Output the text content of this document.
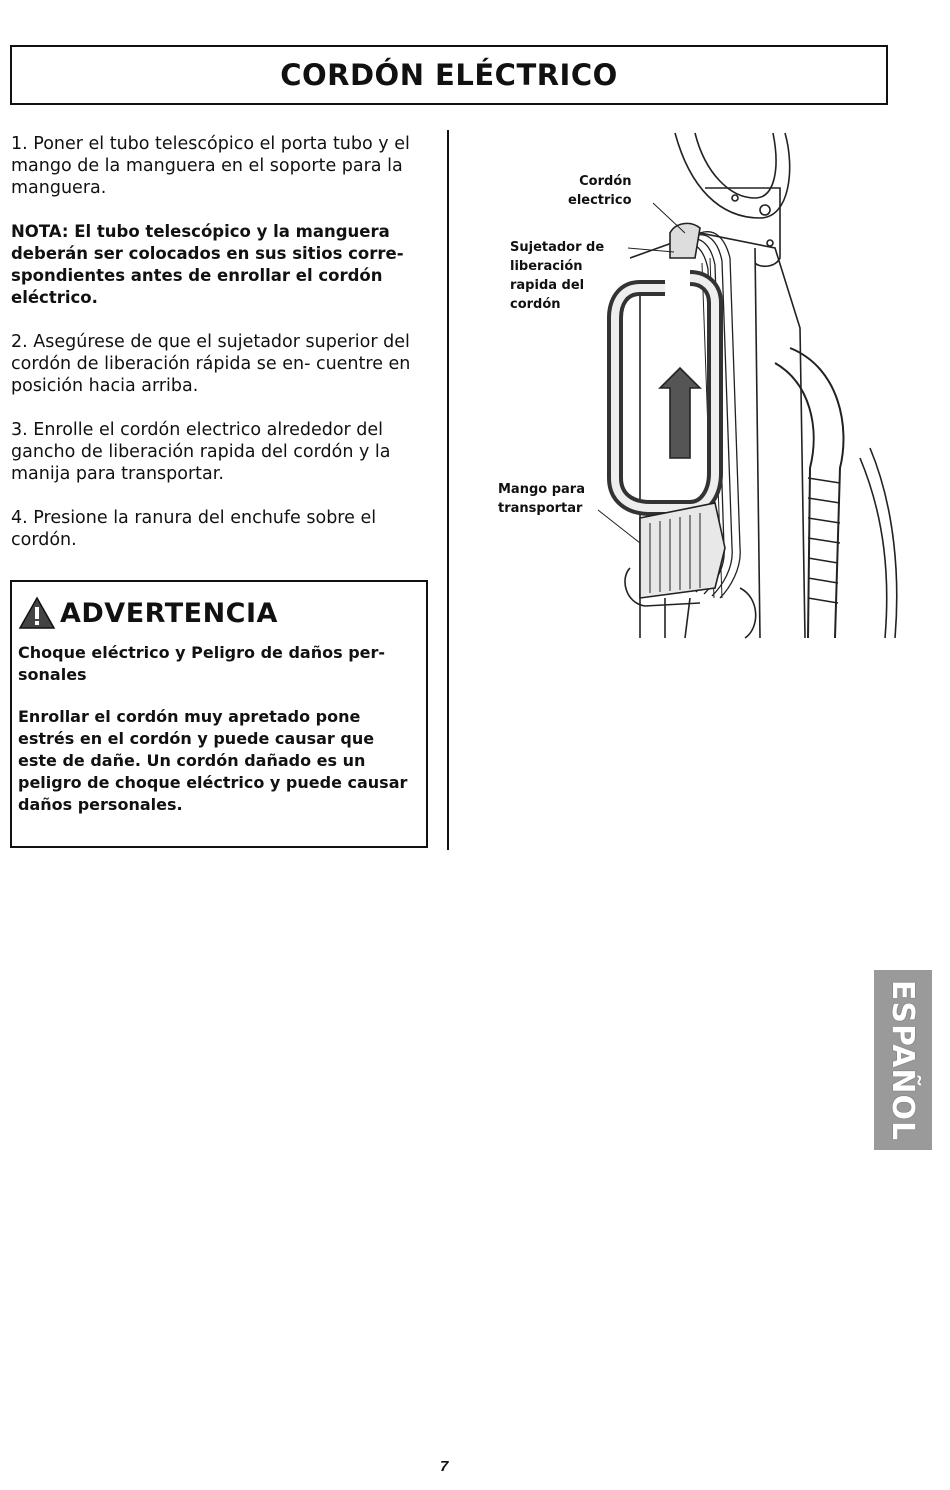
CORDÓN ELÉCTRICO

1. Poner el tubo telescópico el porta tubo y el mango de la manguera en el soporte para la manguera.

NOTA: El tubo telescópico y la manguera deberán ser colocados en sus sitios corre- spondientes antes de enrollar el cordón eléctrico.

2. Asegúrese de que el sujetador superior del cordón de liberación rápida se en- cuentre en posición hacia arriba.

3. Enrolle el cordón electrico alrededor del gancho de liberación rapida del cordón y la manija para transportar.

4. Presione la ranura del enchufe sobre el cordón.

ADVERTENCIA

Choque eléctrico y Peligro de daños per- sonales

Enrollar el cordón muy apretado pone estrés en el cordón y puede causar que este de dañe. Un cordón dañado es un peligro de choque eléctrico y puede causar daños personales.

Cordón
electrico
Sujetador de
liberación
rapida del
cordón
Mango para
transportar
ESPAÑOL
7
